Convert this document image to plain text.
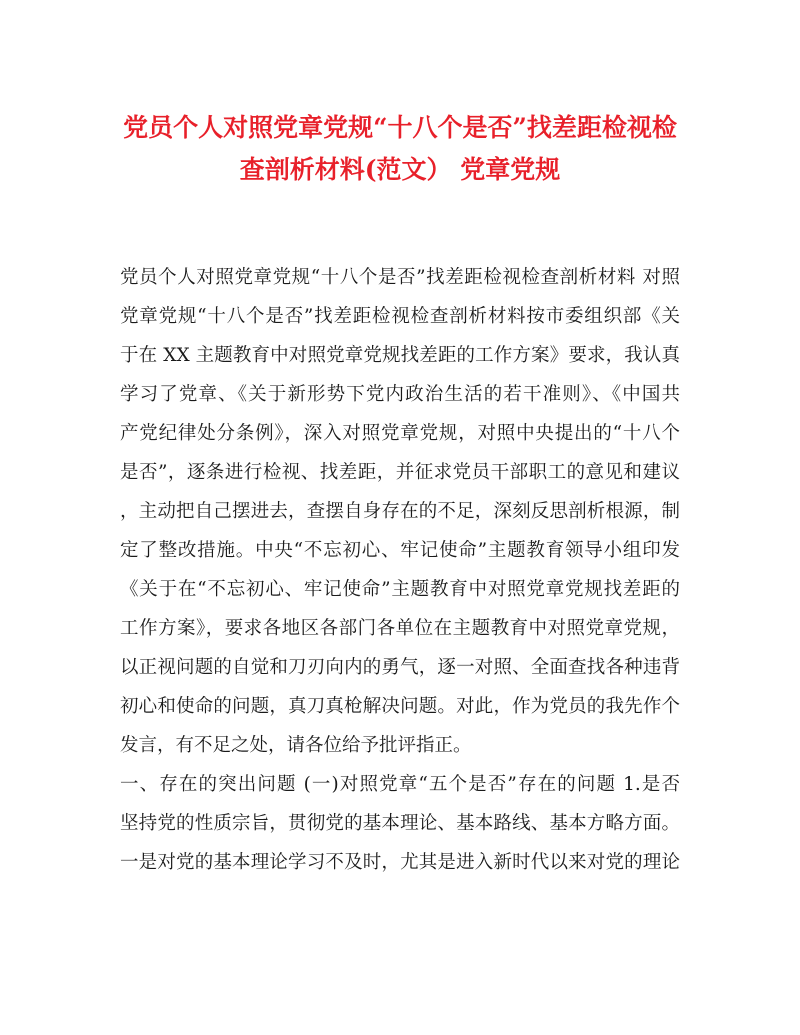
党员个人对照党章党规“十八个是否”找差距检视检
查剖析材料(范文） 党章党规
党员个人对照党章党规“十八个是否”找差距检视检查剖析材料 对照
党章党规“十八个是否”找差距检视检查剖析材料按市委组织部《关
于在 XX 主题教育中对照党章党规找差距的工作方案》要求，我认真
学习了党章、《关于新形势下党内政治生活的若干准则》、《中国共
产党纪律处分条例》，深入对照党章党规，对照中央提出的“十八个
是否”，逐条进行检视、找差距，并征求党员干部职工的意见和建议
，主动把自己摆进去，查摆自身存在的不足，深刻反思剖析根源，制
定了整改措施。中央“不忘初心、牢记使命”主题教育领导小组印发
《关于在“不忘初心、牢记使命”主题教育中对照党章党规找差距的
工作方案》，要求各地区各部门各单位在主题教育中对照党章党规，
以正视问题的自觉和刀刃向内的勇气，逐一对照、全面查找各种违背
初心和使命的问题，真刀真枪解决问题。对此，作为党员的我先作个
发言，有不足之处，请各位给予批评指正。
一、存在的突出问题 (一)对照党章“五个是否”存在的问题 1.是否
坚持党的性质宗旨，贯彻党的基本理论、基本路线、基本方略方面。
一是对党的基本理论学习不及时，尤其是进入新时代以来对党的理论
